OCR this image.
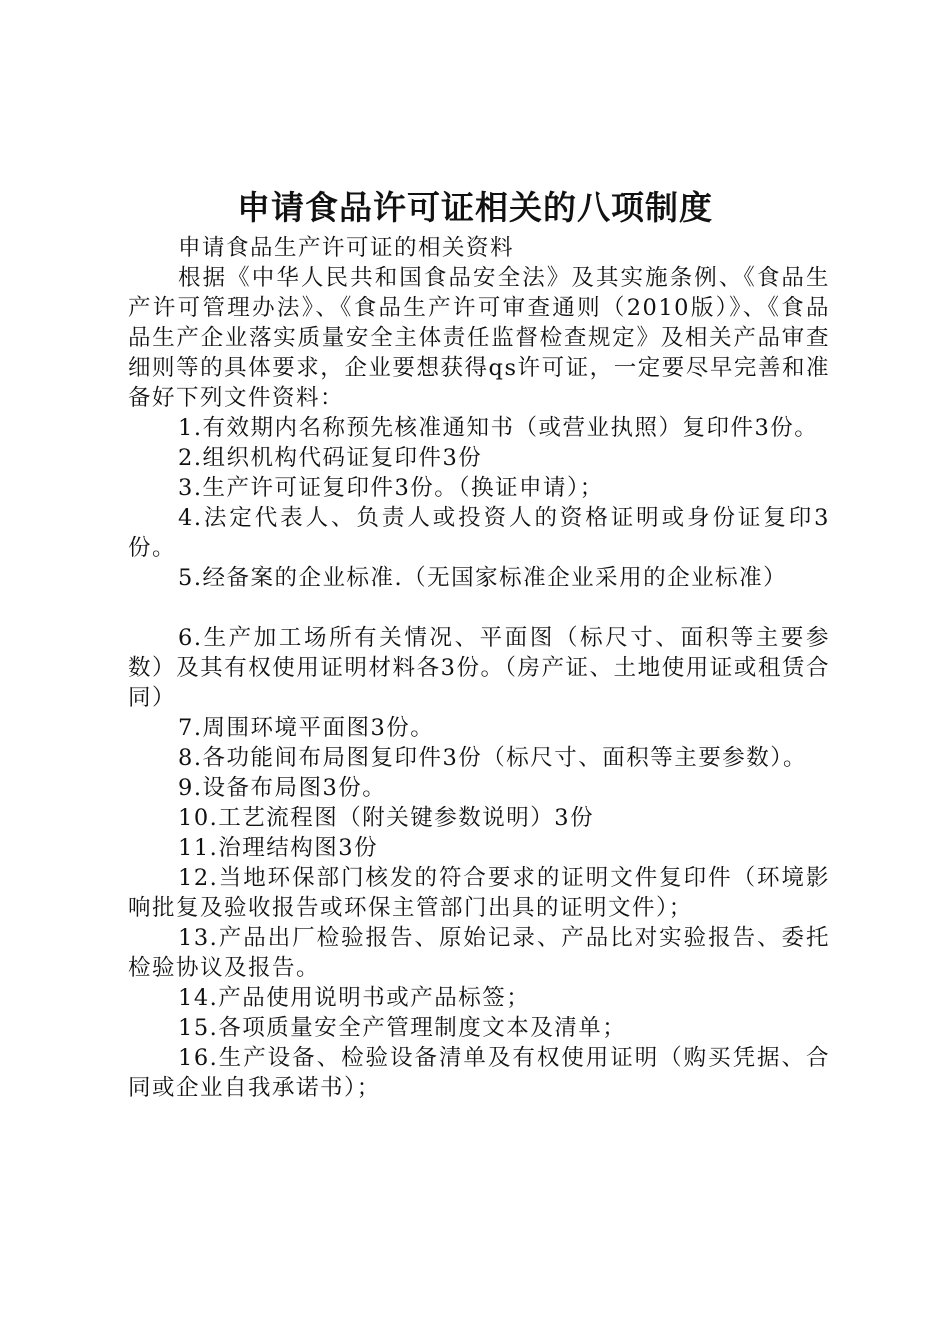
申请食品许可证相关的八项制度

申请食品生产许可证的相关资料

根据《中华人民共和国食品安全法》及其实施条例、《食品生产许可管理办法》、《食品生产许可审查通则（2010版）》、《食品品生产企业落实质量安全主体责任监督检查规定》及相关产品审查细则等的具体要求，企业要想获得qs许可证，一定要尽早完善和准备好下列文件资料：

1.有效期内名称预先核准通知书（或营业执照）复印件3份。

2.组织机构代码证复印件3份

3.生产许可证复印件3份。（换证申请）；

4.法定代表人、负责人或投资人的资格证明或身份证复印3份。

5.经备案的企业标准.（无国家标准企业采用的企业标准）

6.生产加工场所有关情况、平面图（标尺寸、面积等主要参数）及其有权使用证明材料各3份。（房产证、土地使用证或租赁合同）

7.周围环境平面图3份。

8.各功能间布局图复印件3份（标尺寸、面积等主要参数）。

9.设备布局图3份。

10.工艺流程图（附关键参数说明）3份

11.治理结构图3份

12.当地环保部门核发的符合要求的证明文件复印件（环境影响批复及验收报告或环保主管部门出具的证明文件）；

13.产品出厂检验报告、原始记录、产品比对实验报告、委托检验协议及报告。

14.产品使用说明书或产品标签；

15.各项质量安全产管理制度文本及清单；

16.生产设备、检验设备清单及有权使用证明（购买凭据、合同或企业自我承诺书）；
